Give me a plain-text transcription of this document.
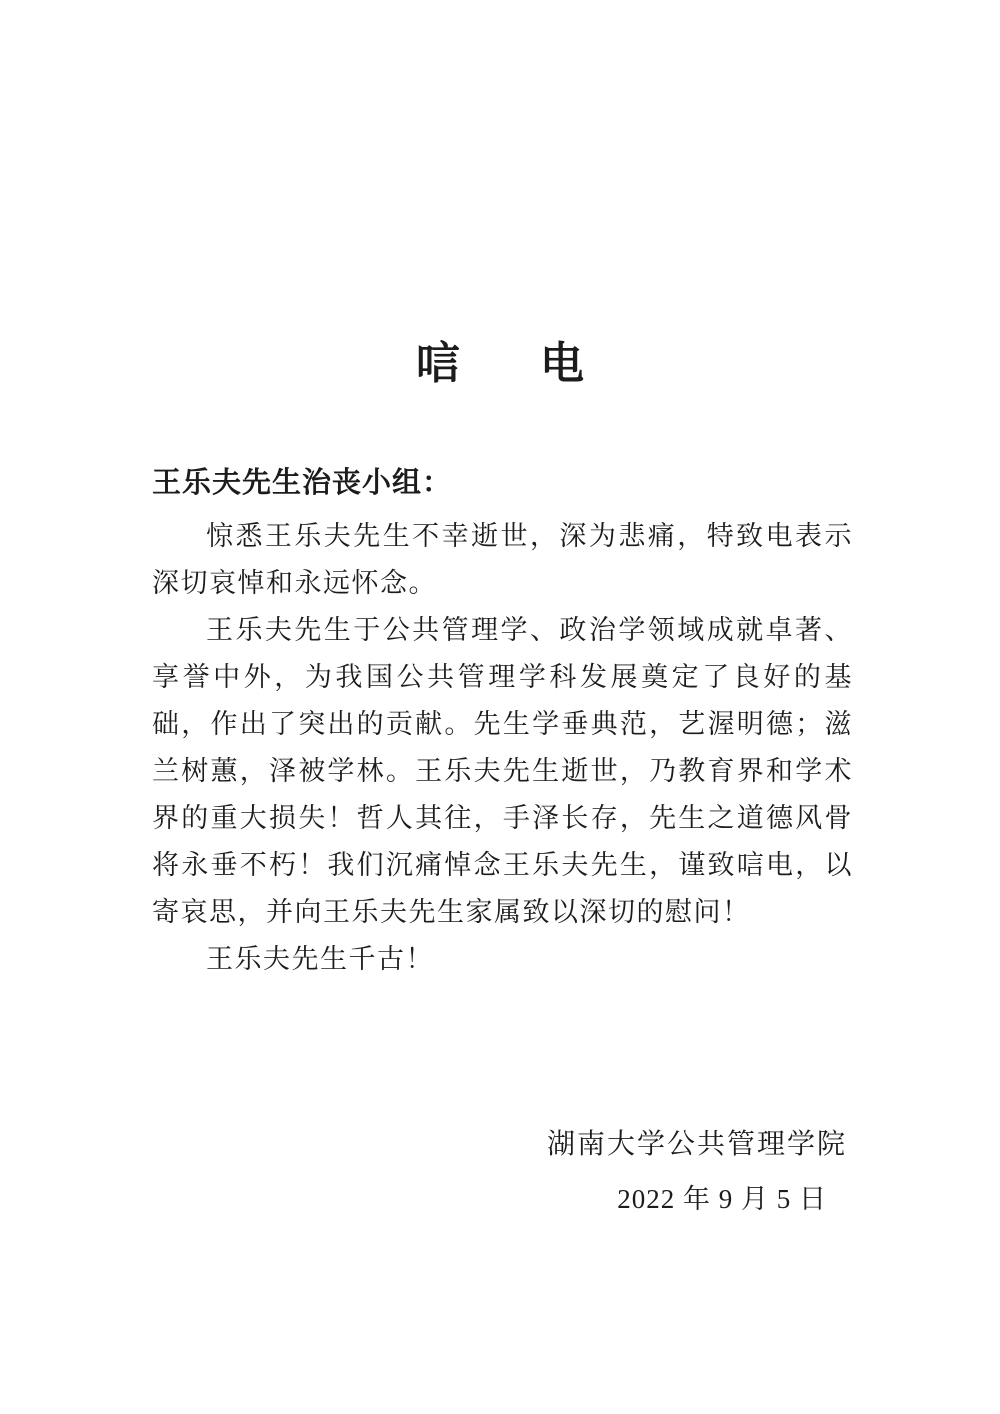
唁电
王乐夫先生治丧小组：

惊悉王乐夫先生不幸逝世，深为悲痛，特致电表示深切哀悼和永远怀念。

王乐夫先生于公共管理学、政治学领域成就卓著、享誉中外，为我国公共管理学科发展奠定了良好的基础，作出了突出的贡献。先生学垂典范，艺渥明德；滋兰树蕙，泽被学林。王乐夫先生逝世，乃教育界和学术界的重大损失！哲人其往，手泽长存，先生之道德风骨将永垂不朽！我们沉痛悼念王乐夫先生，谨致唁电，以寄哀思，并向王乐夫先生家属致以深切的慰问！

王乐夫先生千古！

湖南大学公共管理学院
2022 年 9 月 5 日
